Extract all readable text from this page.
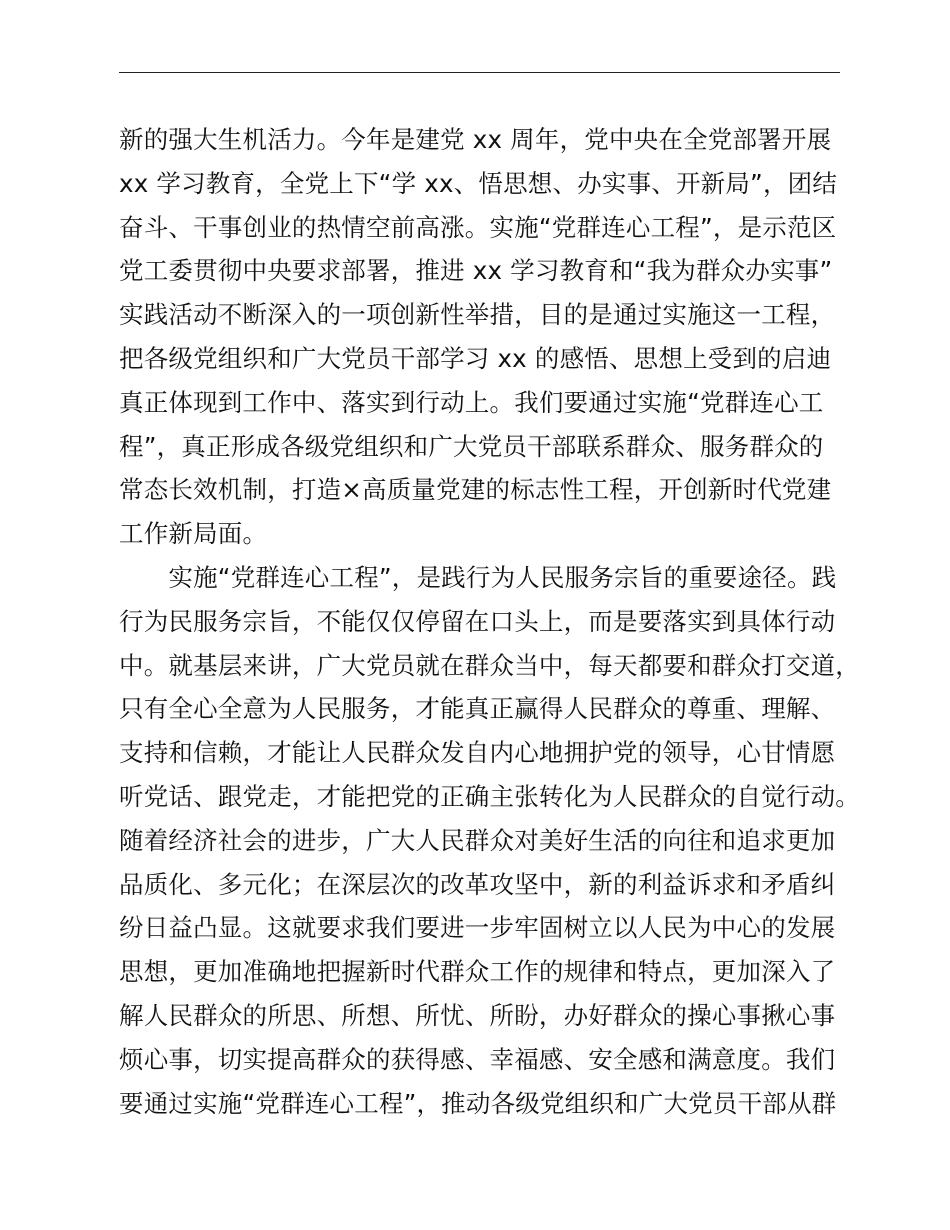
新的强大生机活力。今年是建党 xx 周年，党中央在全党部署开展
xx 学习教育，全党上下“学 xx、悟思想、办实事、开新局”，团结
奋斗、干事创业的热情空前高涨。实施“党群连心工程”，是示范区
党工委贯彻中央要求部署，推进 xx 学习教育和“我为群众办实事”
实践活动不断深入的一项创新性举措，目的是通过实施这一工程，
把各级党组织和广大党员干部学习 xx 的感悟、思想上受到的启迪
真正体现到工作中、落实到行动上。我们要通过实施“党群连心工
程”，真正形成各级党组织和广大党员干部联系群众、服务群众的
常态长效机制，打造×高质量党建的标志性工程，开创新时代党建
工作新局面。
　　实施“党群连心工程”，是践行为人民服务宗旨的重要途径。践
行为民服务宗旨，不能仅仅停留在口头上，而是要落实到具体行动
中。就基层来讲，广大党员就在群众当中，每天都要和群众打交道，
只有全心全意为人民服务，才能真正赢得人民群众的尊重、理解、
支持和信赖，才能让人民群众发自内心地拥护党的领导，心甘情愿
听党话、跟党走，才能把党的正确主张转化为人民群众的自觉行动。
随着经济社会的进步，广大人民群众对美好生活的向往和追求更加
品质化、多元化；在深层次的改革攻坚中，新的利益诉求和矛盾纠
纷日益凸显。这就要求我们要进一步牢固树立以人民为中心的发展
思想，更加准确地把握新时代群众工作的规律和特点，更加深入了
解人民群众的所思、所想、所忧、所盼，办好群众的操心事揪心事
烦心事，切实提高群众的获得感、幸福感、安全感和满意度。我们
要通过实施“党群连心工程”，推动各级党组织和广大党员干部从群
